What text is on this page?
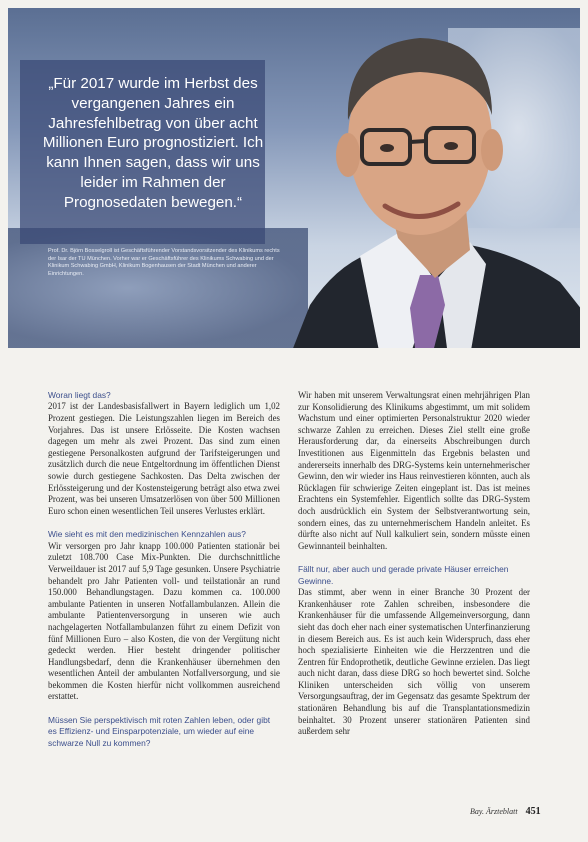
„Für 2017 wurde im Herbst des vergangenen Jahres ein Jahresfehlbetrag von über acht Millionen Euro prognostiziert. Ich kann Ihnen sagen, dass wir uns leider im Rahmen der Prognosedaten bewegen.“
Prof. Dr. Björn Bosselgroll ist Geschäftsführender Vorstandsvorsitzender des Klinikums rechts der Isar der TU München. Vorher war er Geschäftsführer des Klinikums Schwabing und der Klinikum Schwabing GmbH, Klinikum Bogenhausen der Stadt München und anderer Einrichtungen.

Woran liegt das?

2017 ist der Landesbasisfallwert in Bayern lediglich um 1,02 Prozent gestiegen. Die Leistungszahlen liegen im Bereich des Vorjahres. Das ist unsere Erlösseite. Die Kosten wachsen dagegen um mehr als zwei Prozent. Das sind zum einen gestiegene Personalkosten aufgrund der Tarifsteigerungen und zusätzlich durch die neue Entgeltordnung im öffentlichen Dienst sowie durch gestiegene Sachkosten. Das Delta zwischen der Erlössteigerung und der Kostensteigerung beträgt also etwa zwei Prozent, was bei unseren Umsatzerlösen von über 500 Millionen Euro schon einen wesentlichen Teil unseres Verlustes erklärt.

Wie sieht es mit den medizinischen Kennzahlen aus?

Wir versorgen pro Jahr knapp 100.000 Patienten stationär bei zuletzt 108.700 Case Mix-Punkten. Die durchschnittliche Verweildauer ist 2017 auf 5,9 Tage gesunken. Unsere Psychiatrie behandelt pro Jahr Patienten voll- und teilstationär an rund 150.000 Behandlungstagen. Dazu kommen ca. 100.000 ambulante Patienten in unseren Notfallambulanzen. Allein die ambulante Patientenversorgung in unseren wie auch nachgelagerten Notfallambulanzen führt zu einem Defizit von fünf Millionen Euro – also Kosten, die von der Vergütung nicht gedeckt werden. Hier besteht dringender politischer Handlungsbedarf, denn die Krankenhäuser übernehmen den wesentlichen Anteil der ambulanten Notfallversorgung, und sie bekommen die Kosten hierfür nicht vollkommen ausreichend erstattet.

Müssen Sie perspektivisch mit roten Zahlen leben, oder gibt es Effizienz- und Einsparpotenziale, um wieder auf eine schwarze Null zu kommen?

Wir haben mit unserem Verwaltungsrat einen mehrjährigen Plan zur Konsolidierung des Klinikums abgestimmt, um mit solidem Wachstum und einer optimierten Personalstruktur 2020 wieder schwarze Zahlen zu erreichen. Dieses Ziel stellt eine große Herausforderung dar, da einerseits Abschreibungen durch Investitionen aus Eigenmitteln das Ergebnis belasten und andererseits innerhalb des DRG-Systems kein unternehmerischer Gewinn, den wir wieder ins Haus reinvestieren könnten, auch als Rücklagen für schwierige Zeiten eingeplant ist. Das ist meines Erachtens ein Systemfehler. Eigentlich sollte das DRG-System doch ausdrücklich ein System der Selbstverantwortung sein, sondern eines, das zu unternehmerischem Handeln anleitet. Es dürfte also nicht auf Null kalkuliert sein, sondern müsste einen Gewinnanteil beinhalten.

Fällt nur, aber auch und gerade private Häuser erreichen Gewinne.

Das stimmt, aber wenn in einer Branche 30 Prozent der Krankenhäuser rote Zahlen schreiben, insbesondere die Krankenhäuser für die umfassende Allgemeinversorgung, dann sieht das doch eher nach einer systematischen Unterfinanzierung in diesem Bereich aus. Es ist auch kein Widerspruch, dass eher hoch spezialisierte Einheiten wie die Herzzentren und die Zentren für Endoprothetik, deutliche Gewinne erzielen. Das liegt auch nicht daran, dass diese DRG so hoch bewertet sind. Solche Kliniken unterscheiden sich völlig von unserem Versorgungsauftrag, der im Gegensatz das gesamte Spektrum der stationären Behandlung bis auf die Transplantationsmedizin beinhaltet. 30 Prozent unserer stationären Patienten sind außerdem sehr

Bay. Ärzteblatt 451
